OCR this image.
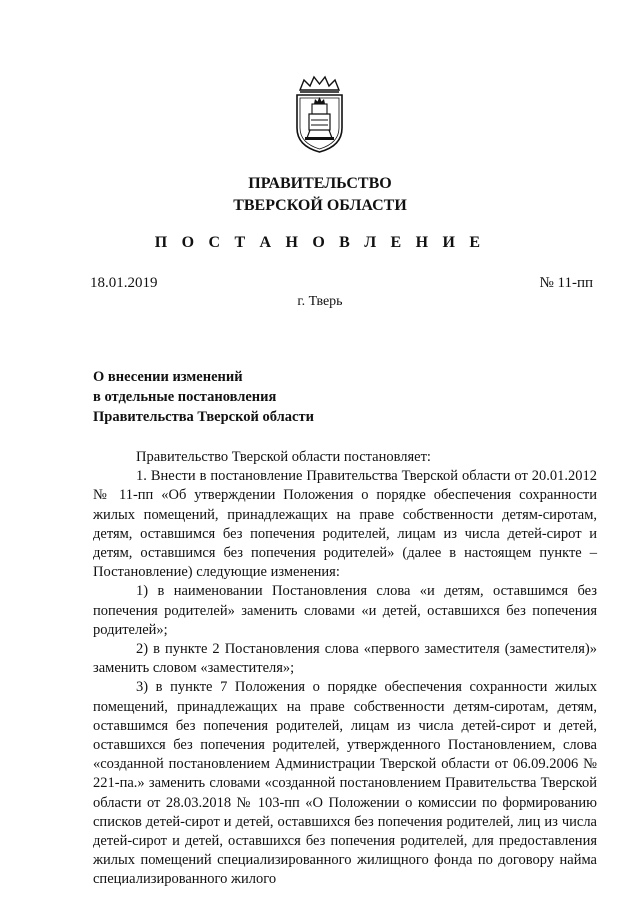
ПРАВИТЕЛЬСТВО
ТВЕРСКОЙ ОБЛАСТИ
П О С Т А Н О В Л Е Н И Е
18.01.2019	№ 11-пп
г. Тверь
О внесении изменений
в отдельные постановления
Правительства Тверской области

Правительство Тверской области постановляет:

1. Внести в постановление Правительства Тверской области от 20.01.2012 № 11-пп «Об утверждении Положения о порядке обеспечения сохранности жилых помещений, принадлежащих на праве собственности детям-сиротам, детям, оставшимся без попечения родителей, лицам из числа детей-сирот и детям, оставшимся без попечения родителей» (далее в настоящем пункте – Постановление) следующие изменения:

1) в наименовании Постановления слова «и детям, оставшимся без попечения родителей» заменить словами «и детей, оставшихся без попечения родителей»;

2) в пункте 2 Постановления слова «первого заместителя (заместителя)» заменить словом «заместителя»;

3) в пункте 7 Положения о порядке обеспечения сохранности жилых помещений, принадлежащих на праве собственности детям-сиротам, детям, оставшимся без попечения родителей, лицам из числа детей-сирот и детей, оставшихся без попечения родителей, утвержденного Постановлением, слова «созданной постановлением Администрации Тверской области от 06.09.2006 № 221-па.» заменить словами «созданной постановлением Правительства Тверской области от 28.03.2018 № 103-пп «О Положении о комиссии по формированию списков детей-сирот и детей, оставшихся без попечения родителей, лиц из числа детей-сирот и детей, оставшихся без попечения родителей, для предоставления жилых помещений специализированного жилищного фонда по договору найма специализированного жилого
